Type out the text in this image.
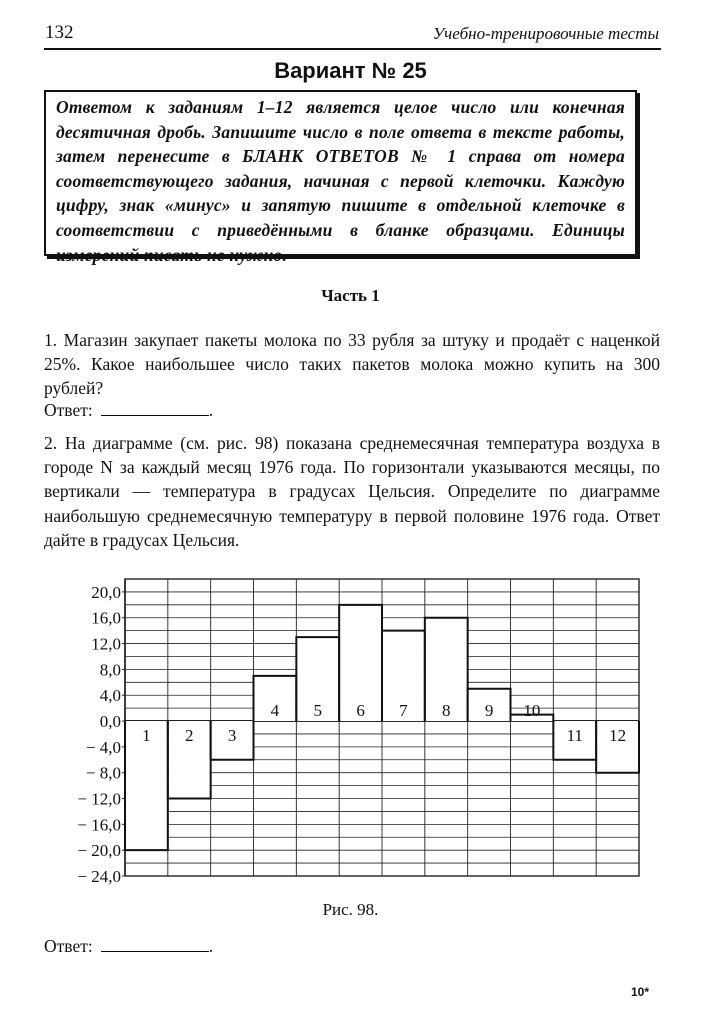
132	Учебно-тренировочные тесты
Вариант № 25
Ответом к заданиям 1–12 является целое число или конечная десятичная дробь. Запишите число в поле ответа в тексте работы, затем перенесите в БЛАНК ОТВЕТОВ № 1 справа от номера соответствующего задания, начиная с первой клеточки. Каждую цифру, знак «минус» и запятую пишите в отдельной клеточке в соответствии с приведёнными в бланке образцами. Единицы измерений писать не нужно.
Часть 1
1. Магазин закупает пакеты молока по 33 рубля за штуку и продаёт с наценкой 25%. Какое наибольшее число таких пакетов молока можно купить на 300 рублей?
Ответ:	.
2. На диаграмме (см. рис. 98) показана среднемесячная температура воздуха в городе N за каждый месяц 1976 года. По горизонтали указываются месяцы, по вертикали — температура в градусах Цельсия. Определите по диаграмме наибольшую среднемесячную температуру в первой половине 1976 года. Ответ дайте в градусах Цельсия.
20,0
16,0
12,0
8,0
4,0
0,0
− 4,0
− 8,0
− 12,0
− 16,0
− 20,0
− 24,0
1 2 3
4 5 6 7 8 9 10
11 12
Рис. 98.
Ответ:	.
10*
